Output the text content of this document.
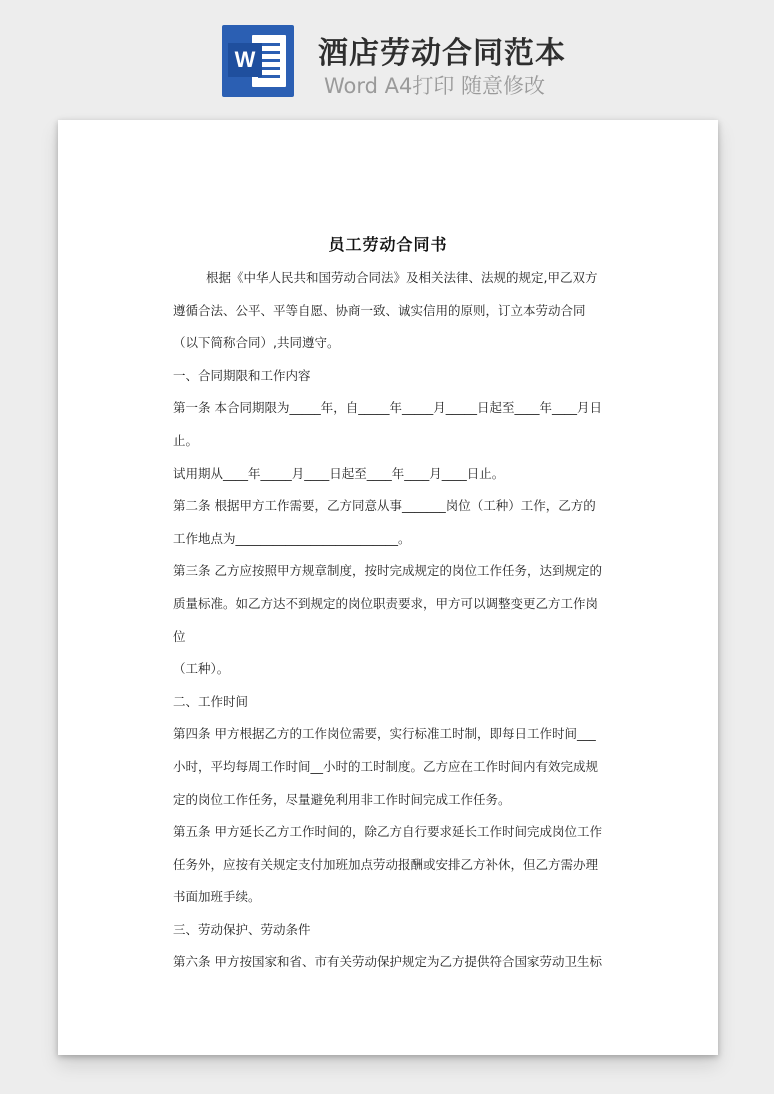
W 酒店劳动合同范本
Word A4打印 随意修改
员工劳动合同书

根据《中华人民共和国劳动合同法》及相关法律、法规的规定,甲乙双方遵循合法、公平、平等自愿、协商一致、诚实信用的原则，订立本劳动合同（以下简称合同）,共同遵守。

一、合同期限和工作内容

第一条 本合同期限为_____年，自_____年_____月_____日起至____年____月日止。

试用期从____年_____月____日起至____年____月____日止。

第二条 根据甲方工作需要，乙方同意从事_______岗位（工种）工作，乙方的工作地点为__________________________。

第三条 乙方应按照甲方规章制度，按时完成规定的岗位工作任务，达到规定的质量标准。如乙方达不到规定的岗位职责要求，甲方可以调整变更乙方工作岗位

（工种）。

二、工作时间

第四条 甲方根据乙方的工作岗位需要，实行标准工时制，即每日工作时间___小时，平均每周工作时间__小时的工时制度。乙方应在工作时间内有效完成规定的岗位工作任务，尽量避免利用非工作时间完成工作任务。

第五条 甲方延长乙方工作时间的，除乙方自行要求延长工作时间完成岗位工作任务外，应按有关规定支付加班加点劳动报酬或安排乙方补休，但乙方需办理书面加班手续。

三、劳动保护、劳动条件

第六条 甲方按国家和省、市有关劳动保护规定为乙方提供符合国家劳动卫生标
